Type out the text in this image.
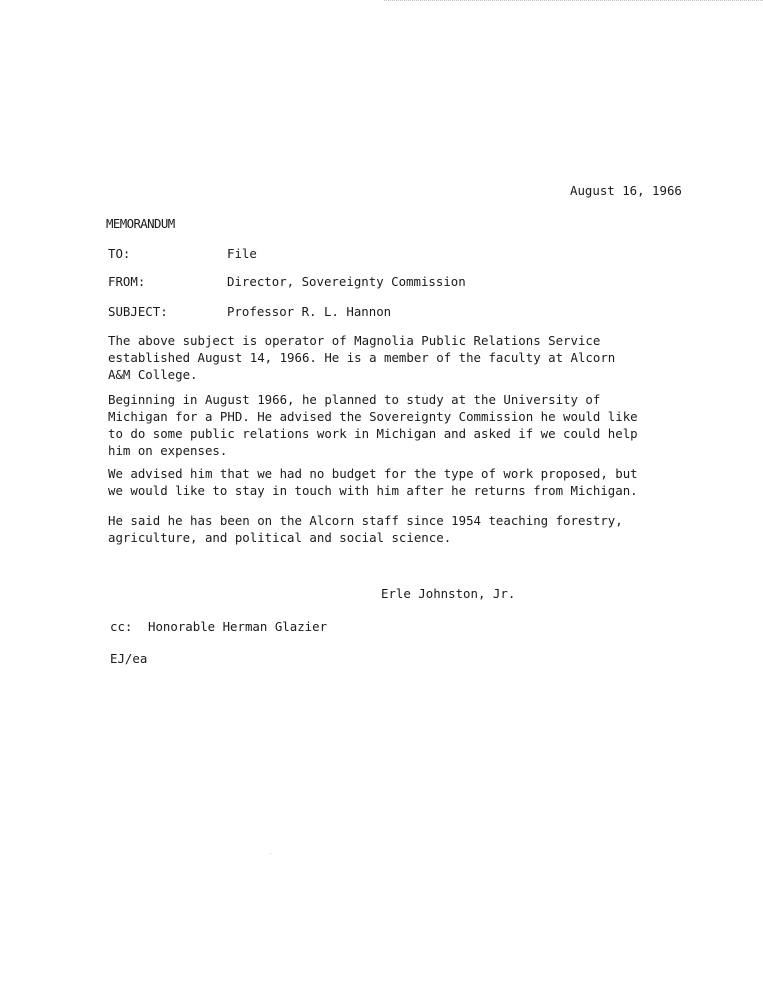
August 16, 1966
MEMORANDUM
TO:	File
FROM:	Director, Sovereignty Commission
SUBJECT:	Professor R. L. Hannon
The above subject is operator of Magnolia Public Relations Service
established August 14, 1966. He is a member of the faculty at Alcorn
A&M College.
Beginning in August 1966, he planned to study at the University of
Michigan for a PHD. He advised the Sovereignty Commission he would like
to do some public relations work in Michigan and asked if we could help
him on expenses.
We advised him that we had no budget for the type of work proposed, but
we would like to stay in touch with him after he returns from Michigan.
He said he has been on the Alcorn staff since 1954 teaching forestry,
agriculture, and political and social science.
Erle Johnston, Jr.
cc: Honorable Herman Glazier
EJ/ea
